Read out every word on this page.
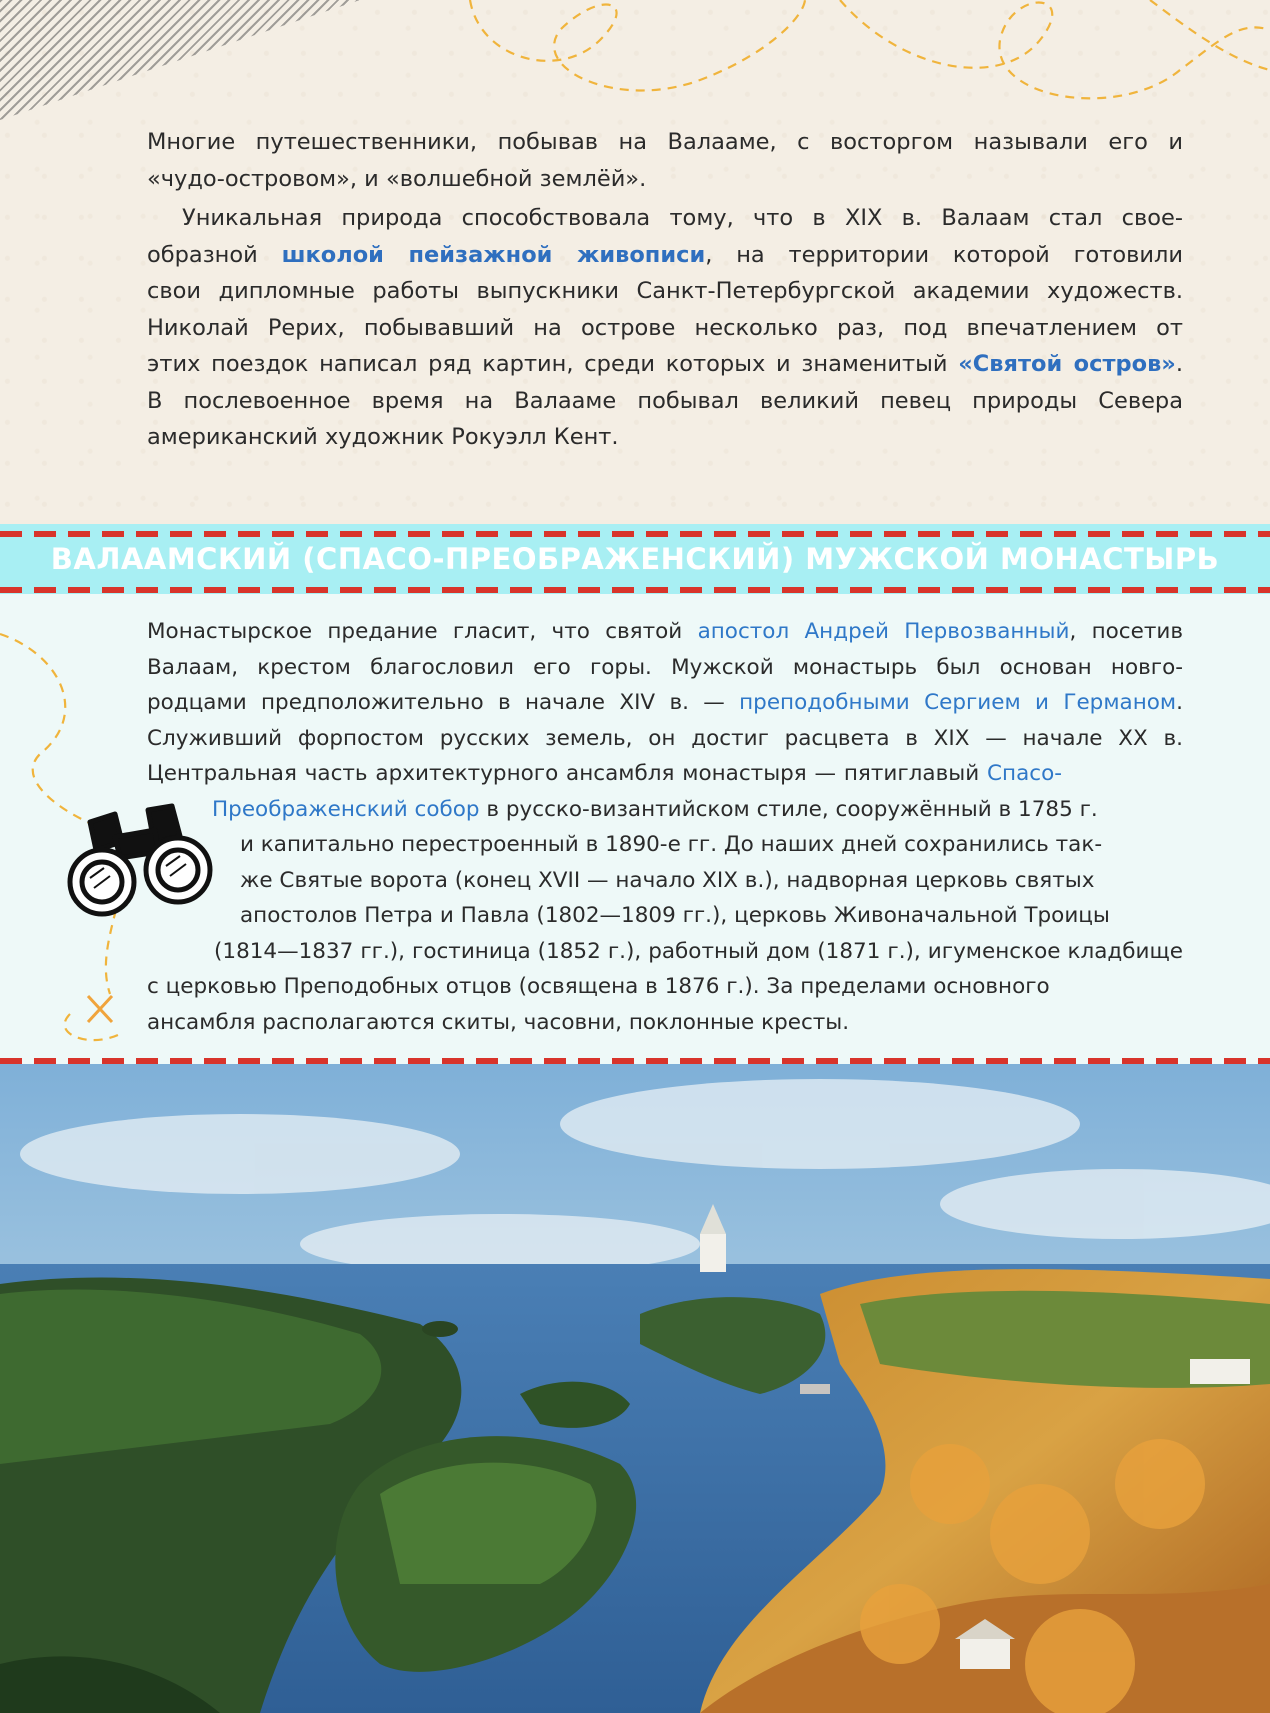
Многие путешественники, побывав на Валааме, с восторгом называли его и
«чудо-островом», и «волшебной землёй».

Уникальная природа способствовала тому, что в XIX в. Валаам стал свое-
образной школой пейзажной живописи, на территории которой готовили
свои дипломные работы выпускники Санкт-Петербургской академии художеств.
Николай Рерих, побывавший на острове несколько раз, под впечатлением от
этих поездок написал ряд картин, среди которых и знаменитый «Святой остров».
В послевоенное время на Валааме побывал великий певец природы Севера
американский художник Рокуэлл Кент.

ВАЛААМСКИЙ (СПАСО-ПРЕОБРАЖЕНСКИЙ) МУЖСКОЙ МОНАСТЫРЬ
Монастырское предание гласит, что святой апостол Андрей Первозванный, посетив
Валаам, крестом благословил его горы. Мужской монастырь был основан новго-
родцами предположительно в начале XIV в. — преподобными Сергием и Германом.
Служивший форпостом русских земель, он достиг расцвета в XIX — начале XX в.
Центральная часть архитектурного ансамбля монастыря — пятиглавый Спасо-
Преображенский собор в русско-византийском стиле, сооружённый в 1785 г.
и капитально перестроенный в 1890-е гг. До наших дней сохранились так-
же Святые ворота (конец XVII — начало XIX в.), надворная церковь святых
апостолов Петра и Павла (1802—1809 гг.), церковь Живоначальной Троицы
(1814—1837 гг.), гостиница (1852 г.), работный дом (1871 г.), игуменское кладбище
с церковью Преподобных отцов (освящена в 1876 г.). За пределами основного
ансамбля располагаются скиты, часовни, поклонные кресты.
